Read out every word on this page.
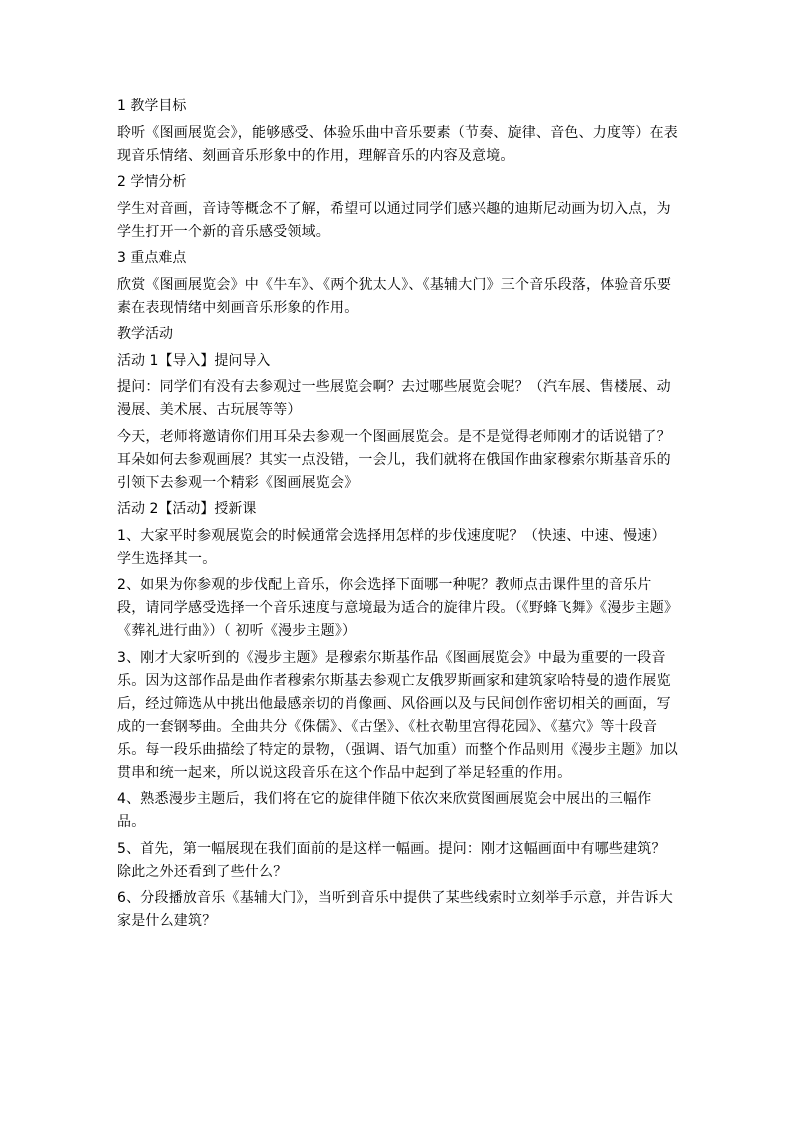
1 教学目标

聆听《图画展览会》，能够感受、体验乐曲中音乐要素（节奏、旋律、音色、力度等）在表现音乐情绪、刻画音乐形象中的作用，理解音乐的内容及意境。

2 学情分析

学生对音画，音诗等概念不了解，希望可以通过同学们感兴趣的迪斯尼动画为切入点，为学生打开一个新的音乐感受领域。

3 重点难点

欣赏《图画展览会》中《牛车》、《两个犹太人》、《基辅大门》三个音乐段落，体验音乐要素在表现情绪中刻画音乐形象的作用。

教学活动

活动 1【导入】提问导入

提问：同学们有没有去参观过一些展览会啊？去过哪些展览会呢？（汽车展、售楼展、动漫展、美术展、古玩展等等）

今天，老师将邀请你们用耳朵去参观一个图画展览会。是不是觉得老师刚才的话说错了？耳朵如何去参观画展？其实一点没错，一会儿，我们就将在俄国作曲家穆索尔斯基音乐的引领下去参观一个精彩《图画展览会》

活动 2【活动】授新课

1、大家平时参观展览会的时候通常会选择用怎样的步伐速度呢？（快速、中速、慢速）学生选择其一。

2、如果为你参观的步伐配上音乐，你会选择下面哪一种呢？教师点击课件里的音乐片段，请同学感受选择一个音乐速度与意境最为适合的旋律片段。（《野蜂飞舞》《漫步主题》《葬礼进行曲》）（ 初听《漫步主题》）

3、刚才大家听到的《漫步主题》是穆索尔斯基作品《图画展览会》中最为重要的一段音乐。因为这部作品是曲作者穆索尔斯基去参观亡友俄罗斯画家和建筑家哈特曼的遗作展览后，经过筛选从中挑出他最感亲切的肖像画、风俗画以及与民间创作密切相关的画面，写成的一套钢琴曲。全曲共分《侏儒》、《古堡》、《杜衣勒里宫得花园》、《墓穴》等十段音乐。每一段乐曲描绘了特定的景物，（强调、语气加重）而整个作品则用《漫步主题》加以贯串和统一起来，所以说这段音乐在这个作品中起到了举足轻重的作用。

4、熟悉漫步主题后，我们将在它的旋律伴随下依次来欣赏图画展览会中展出的三幅作品。

5、首先，第一幅展现在我们面前的是这样一幅画。提问：刚才这幅画面中有哪些建筑？除此之外还看到了些什么？

6、分段播放音乐《基辅大门》，当听到音乐中提供了某些线索时立刻举手示意，并告诉大家是什么建筑？
